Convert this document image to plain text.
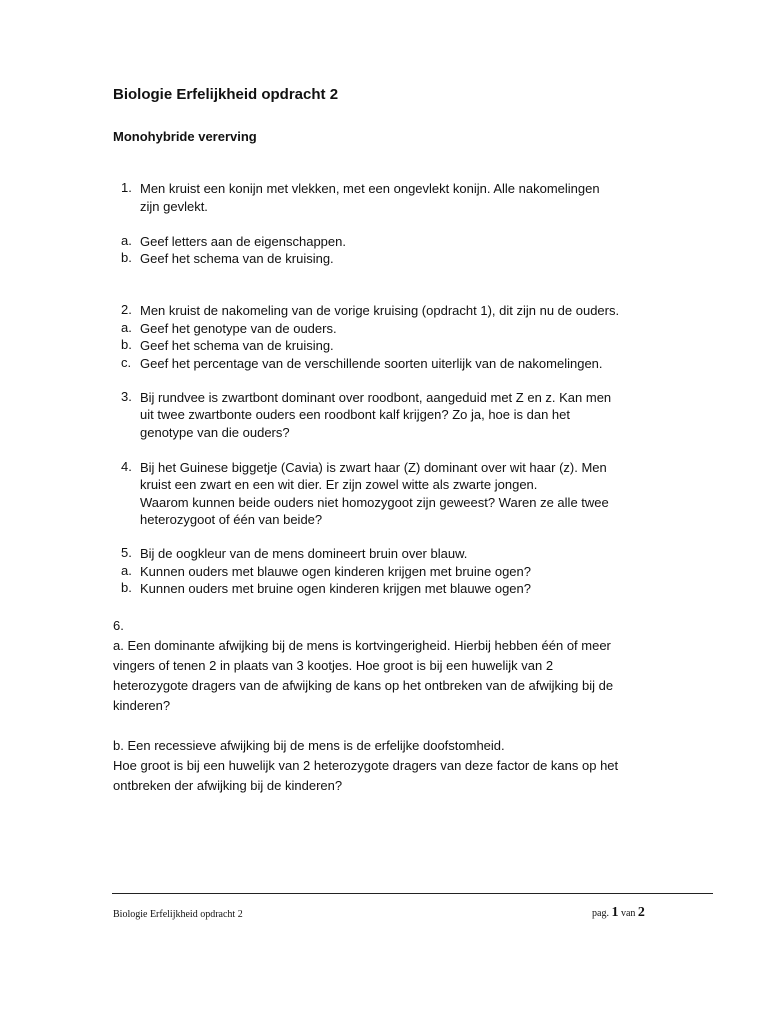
Biologie Erfelijkheid opdracht 2
Monohybride vererving
1. Men kruist een konijn met vlekken, met een ongevlekt konijn. Alle nakomelingen
zijn gevlekt.
a. Geef letters aan de eigenschappen.
b. Geef het schema van de kruising.
2. Men kruist de nakomeling van de vorige kruising (opdracht 1), dit zijn nu de ouders.
a. Geef het genotype van de ouders.
b. Geef het schema van de kruising.
c. Geef het percentage van de verschillende soorten uiterlijk van de nakomelingen.
3. Bij rundvee is zwartbont dominant over roodbont, aangeduid met Z en z. Kan men
uit twee zwartbonte ouders een roodbont kalf krijgen? Zo ja, hoe is dan het
genotype van die ouders?
4. Bij het Guinese biggetje (Cavia) is zwart haar (Z) dominant over wit haar (z). Men
kruist een zwart en een wit dier. Er zijn zowel witte als zwarte jongen.
Waarom kunnen beide ouders niet homozygoot zijn geweest? Waren ze alle twee
heterozygoot of één van beide?
5. Bij de oogkleur van de mens domineert bruin over blauw.
a. Kunnen ouders met blauwe ogen kinderen krijgen met bruine ogen?
b. Kunnen ouders met bruine ogen kinderen krijgen met blauwe ogen?
6.
a. Een dominante afwijking bij de mens is kortvingerigheid. Hierbij hebben één of meer
vingers of tenen 2 in plaats van 3 kootjes. Hoe groot is bij een huwelijk van 2
heterozygote dragers van de afwijking de kans op het ontbreken van de afwijking bij de
kinderen?
b. Een recessieve afwijking bij de mens is de erfelijke doofstomheid.
Hoe groot is bij een huwelijk van 2 heterozygote dragers van deze factor de kans op het
ontbreken der afwijking bij de kinderen?
Biologie Erfelijkheid opdracht 2	pag. 1 van 2
